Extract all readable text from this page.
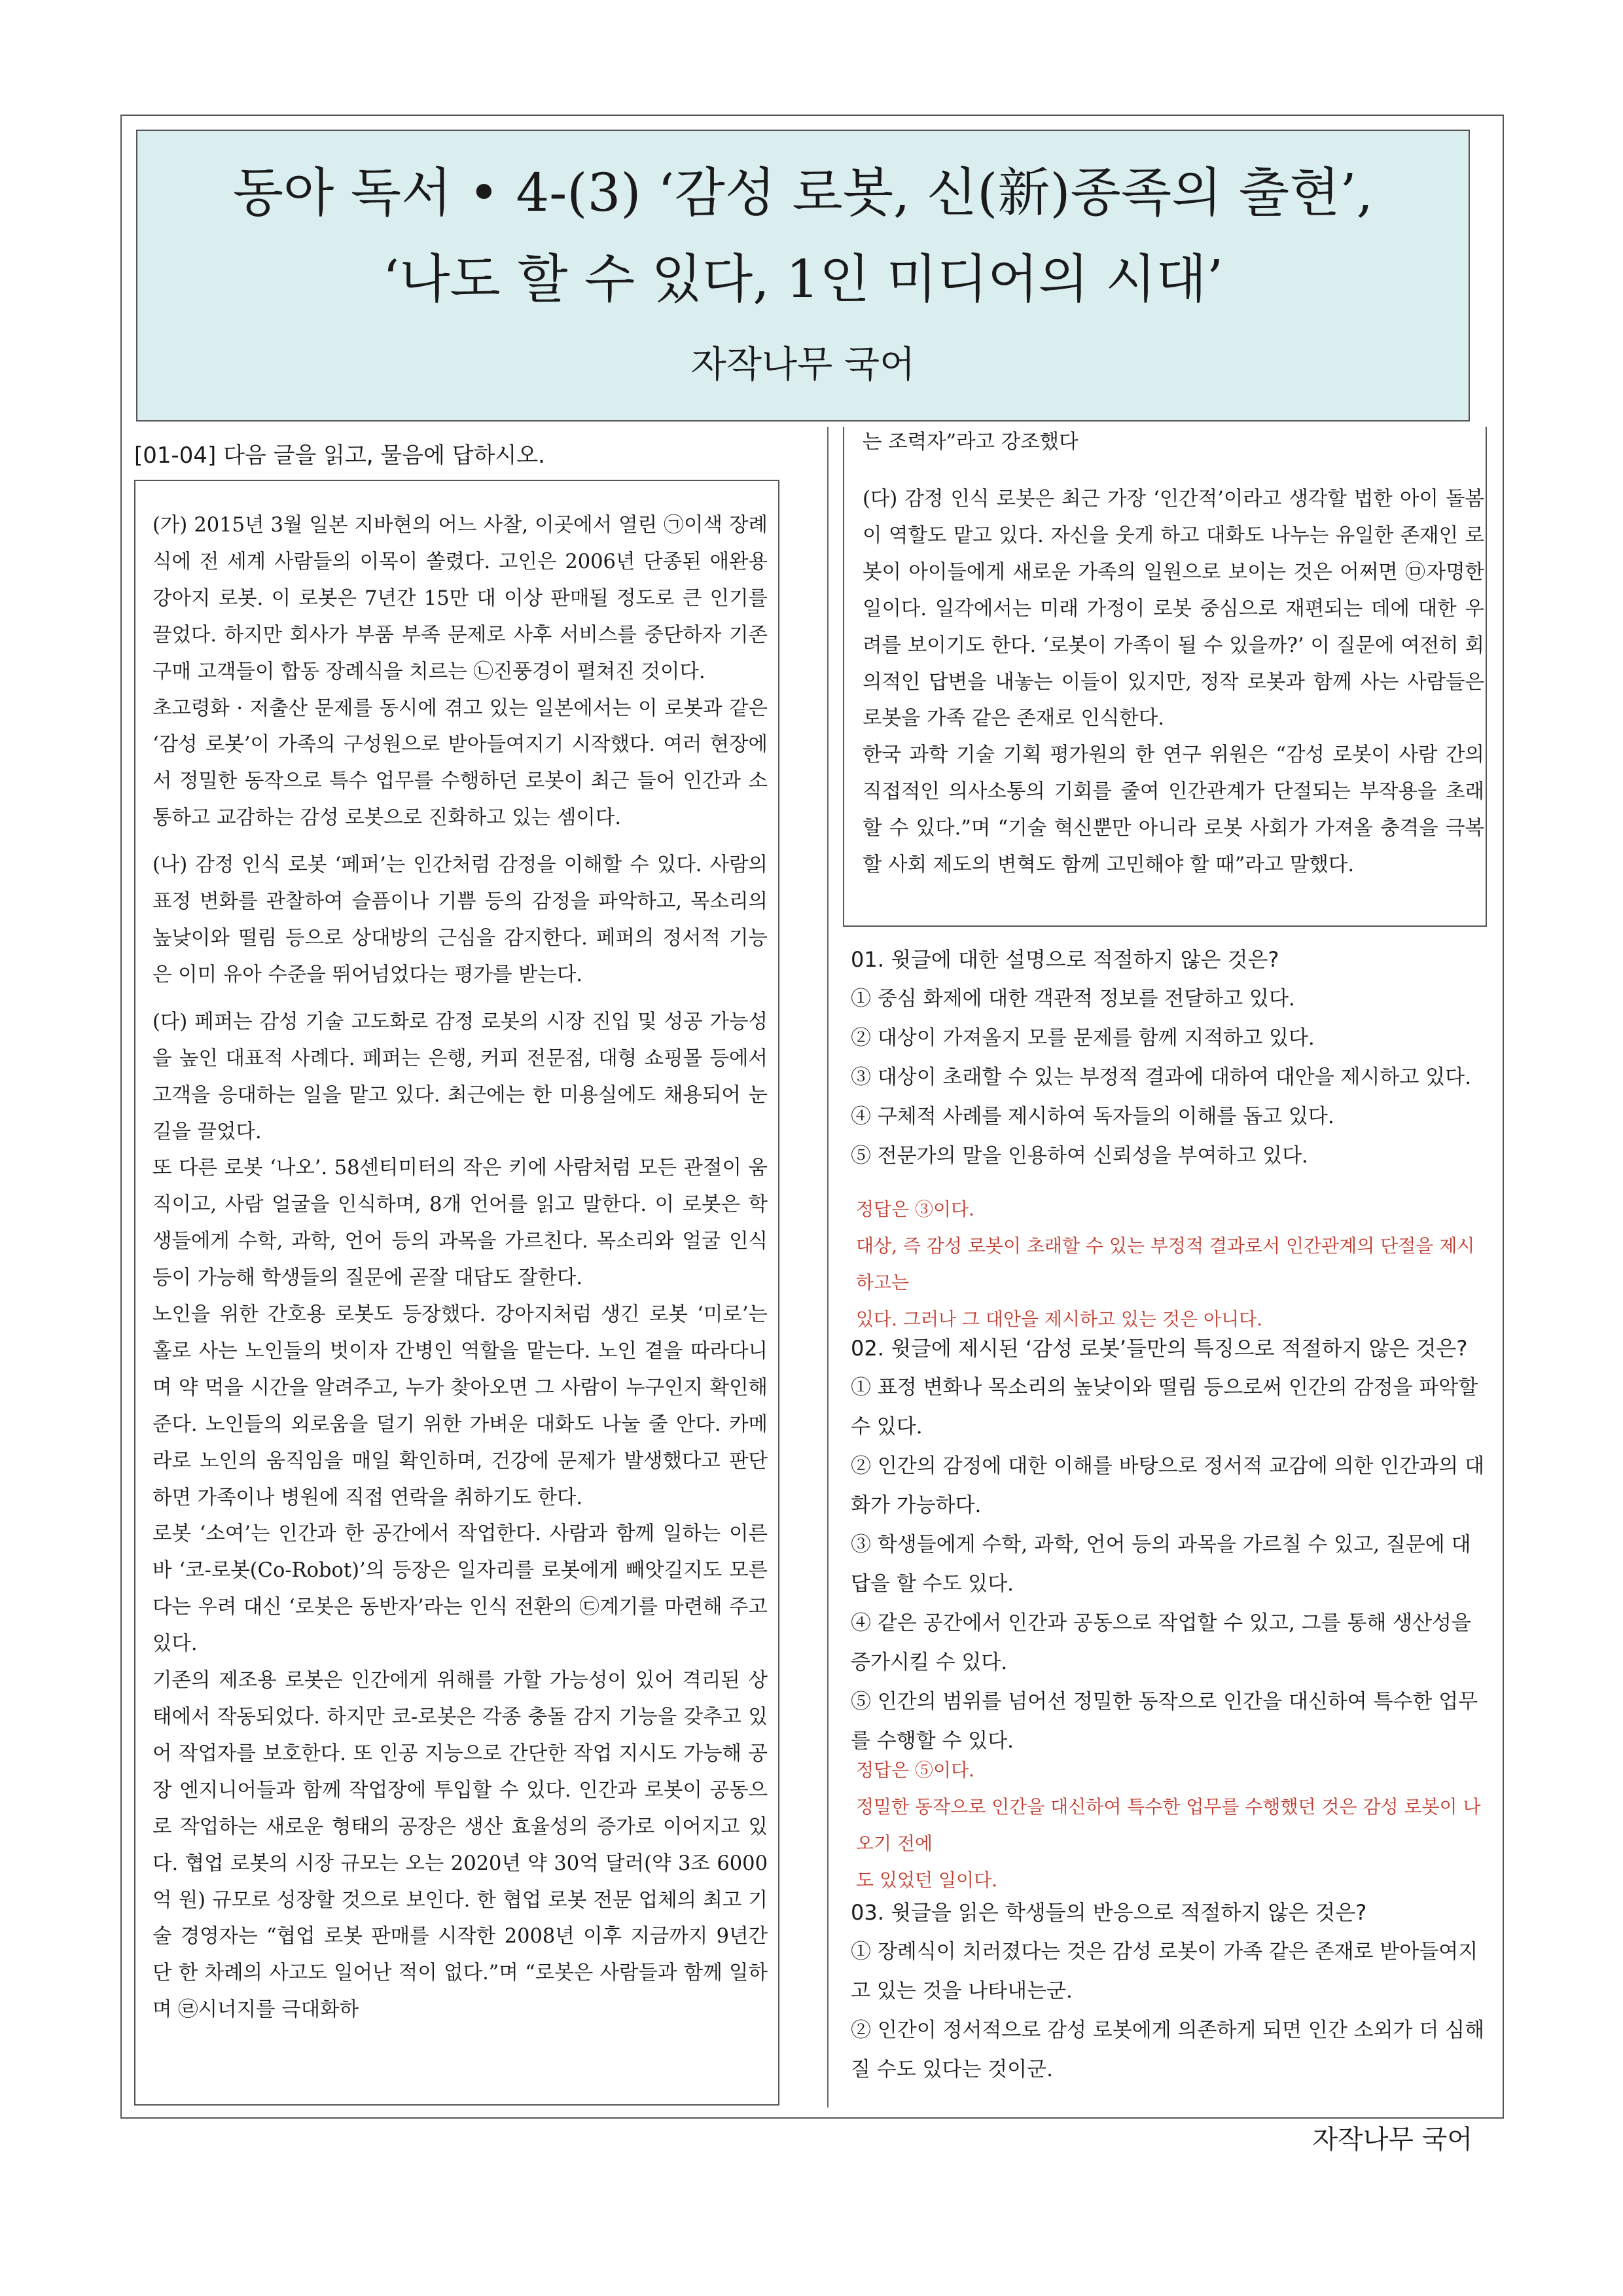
동아 독서 • 4-(3) ‘감성 로봇, 신(新)종족의 출현’,
‘나도 할 수 있다, 1인 미디어의 시대’
자작나무 국어
[01-04] 다음 글을 읽고, 물음에 답하시오.

(가) 2015년 3월 일본 지바현의 어느 사찰, 이곳에서 열린 ㉠이색 장례식에 전 세계 사람들의 이목이 쏠렸다. 고인은 2006년 단종된 애완용 강아지 로봇. 이 로봇은 7년간 15만 대 이상 판매될 정도로 큰 인기를 끌었다. 하지만 회사가 부품 부족 문제로 사후 서비스를 중단하자 기존 구매 고객들이 합동 장례식을 치르는 ㉡진풍경이 펼쳐진 것이다.

초고령화 · 저출산 문제를 동시에 겪고 있는 일본에서는 이 로봇과 같은 ‘감성 로봇’이 가족의 구성원으로 받아들여지기 시작했다. 여러 현장에서 정밀한 동작으로 특수 업무를 수행하던 로봇이 최근 들어 인간과 소통하고 교감하는 감성 로봇으로 진화하고 있는 셈이다.

(나) 감정 인식 로봇 ‘페퍼’는 인간처럼 감정을 이해할 수 있다. 사람의 표정 변화를 관찰하여 슬픔이나 기쁨 등의 감정을 파악하고, 목소리의 높낮이와 떨림 등으로 상대방의 근심을 감지한다. 페퍼의 정서적 기능은 이미 유아 수준을 뛰어넘었다는 평가를 받는다.

(다) 페퍼는 감성 기술 고도화로 감정 로봇의 시장 진입 및 성공 가능성을 높인 대표적 사례다. 페퍼는 은행, 커피 전문점, 대형 쇼핑몰 등에서 고객을 응대하는 일을 맡고 있다. 최근에는 한 미용실에도 채용되어 눈길을 끌었다.

또 다른 로봇 ‘나오’. 58센티미터의 작은 키에 사람처럼 모든 관절이 움직이고, 사람 얼굴을 인식하며, 8개 언어를 읽고 말한다. 이 로봇은 학생들에게 수학, 과학, 언어 등의 과목을 가르친다. 목소리와 얼굴 인식 등이 가능해 학생들의 질문에 곧잘 대답도 잘한다.

노인을 위한 간호용 로봇도 등장했다. 강아지처럼 생긴 로봇 ‘미로’는 홀로 사는 노인들의 벗이자 간병인 역할을 맡는다. 노인 곁을 따라다니며 약 먹을 시간을 알려주고, 누가 찾아오면 그 사람이 누구인지 확인해 준다. 노인들의 외로움을 덜기 위한 가벼운 대화도 나눌 줄 안다. 카메라로 노인의 움직임을 매일 확인하며, 건강에 문제가 발생했다고 판단하면 가족이나 병원에 직접 연락을 취하기도 한다.

로봇 ‘소여’는 인간과 한 공간에서 작업한다. 사람과 함께 일하는 이른바 ‘코-로봇(Co-Robot)’의 등장은 일자리를 로봇에게 빼앗길지도 모른다는 우려 대신 ‘로봇은 동반자’라는 인식 전환의 ㉢계기를 마련해 주고 있다.

기존의 제조용 로봇은 인간에게 위해를 가할 가능성이 있어 격리된 상태에서 작동되었다. 하지만 코-로봇은 각종 충돌 감지 기능을 갖추고 있어 작업자를 보호한다. 또 인공 지능으로 간단한 작업 지시도 가능해 공장 엔지니어들과 함께 작업장에 투입할 수 있다. 인간과 로봇이 공동으로 작업하는 새로운 형태의 공장은 생산 효율성의 증가로 이어지고 있다. 협업 로봇의 시장 규모는 오는 2020년 약 30억 달러(약 3조 6000억 원) 규모로 성장할 것으로 보인다. 한 협업 로봇 전문 업체의 최고 기술 경영자는 “협업 로봇 판매를 시작한 2008년 이후 지금까지 9년간 단 한 차례의 사고도 일어난 적이 없다.”며 “로봇은 사람들과 함께 일하며 ㉣시너지를 극대화하

는 조력자”라고 강조했다

(다) 감정 인식 로봇은 최근 가장 ‘인간적’이라고 생각할 법한 아이 돌봄이 역할도 맡고 있다. 자신을 웃게 하고 대화도 나누는 유일한 존재인 로봇이 아이들에게 새로운 가족의 일원으로 보이는 것은 어쩌면 ㉤자명한 일이다. 일각에서는 미래 가정이 로봇 중심으로 재편되는 데에 대한 우려를 보이기도 한다. ‘로봇이 가족이 될 수 있을까?’ 이 질문에 여전히 회의적인 답변을 내놓는 이들이 있지만, 정작 로봇과 함께 사는 사람들은 로봇을 가족 같은 존재로 인식한다.

한국 과학 기술 기획 평가원의 한 연구 위원은 “감성 로봇이 사람 간의 직접적인 의사소통의 기회를 줄여 인간관계가 단절되는 부작용을 초래할 수 있다.”며 “기술 혁신뿐만 아니라 로봇 사회가 가져올 충격을 극복할 사회 제도의 변혁도 함께 고민해야 할 때”라고 말했다.

01. 윗글에 대한 설명으로 적절하지 않은 것은?
① 중심 화제에 대한 객관적 정보를 전달하고 있다.
② 대상이 가져올지 모를 문제를 함께 지적하고 있다.
③ 대상이 초래할 수 있는 부정적 결과에 대하여 대안을 제시하고 있다.
④ 구체적 사례를 제시하여 독자들의 이해를 돕고 있다.
⑤ 전문가의 말을 인용하여 신뢰성을 부여하고 있다.
정답은 ③이다.
대상, 즉 감성 로봇이 초래할 수 있는 부정적 결과로서 인간관계의 단절을 제시하고는
있다. 그러나 그 대안을 제시하고 있는 것은 아니다.
02. 윗글에 제시된 ‘감성 로봇’들만의 특징으로 적절하지 않은 것은?
① 표정 변화나 목소리의 높낮이와 떨림 등으로써 인간의 감정을 파악할 수 있다.
② 인간의 감정에 대한 이해를 바탕으로 정서적 교감에 의한 인간과의 대화가 가능하다.
③ 학생들에게 수학, 과학, 언어 등의 과목을 가르칠 수 있고, 질문에 대답을 할 수도 있다.
④ 같은 공간에서 인간과 공동으로 작업할 수 있고, 그를 통해 생산성을 증가시킬 수 있다.
⑤ 인간의 범위를 넘어선 정밀한 동작으로 인간을 대신하여 특수한 업무를 수행할 수 있다.
정답은 ⑤이다.
정밀한 동작으로 인간을 대신하여 특수한 업무를 수행했던 것은 감성 로봇이 나오기 전에
도 있었던 일이다.
03. 윗글을 읽은 학생들의 반응으로 적절하지 않은 것은?
① 장례식이 치러졌다는 것은 감성 로봇이 가족 같은 존재로 받아들여지고 있는 것을 나타내는군.
② 인간이 정서적으로 감성 로봇에게 의존하게 되면 인간 소외가 더 심해질 수도 있다는 것이군.
자작나무 국어
